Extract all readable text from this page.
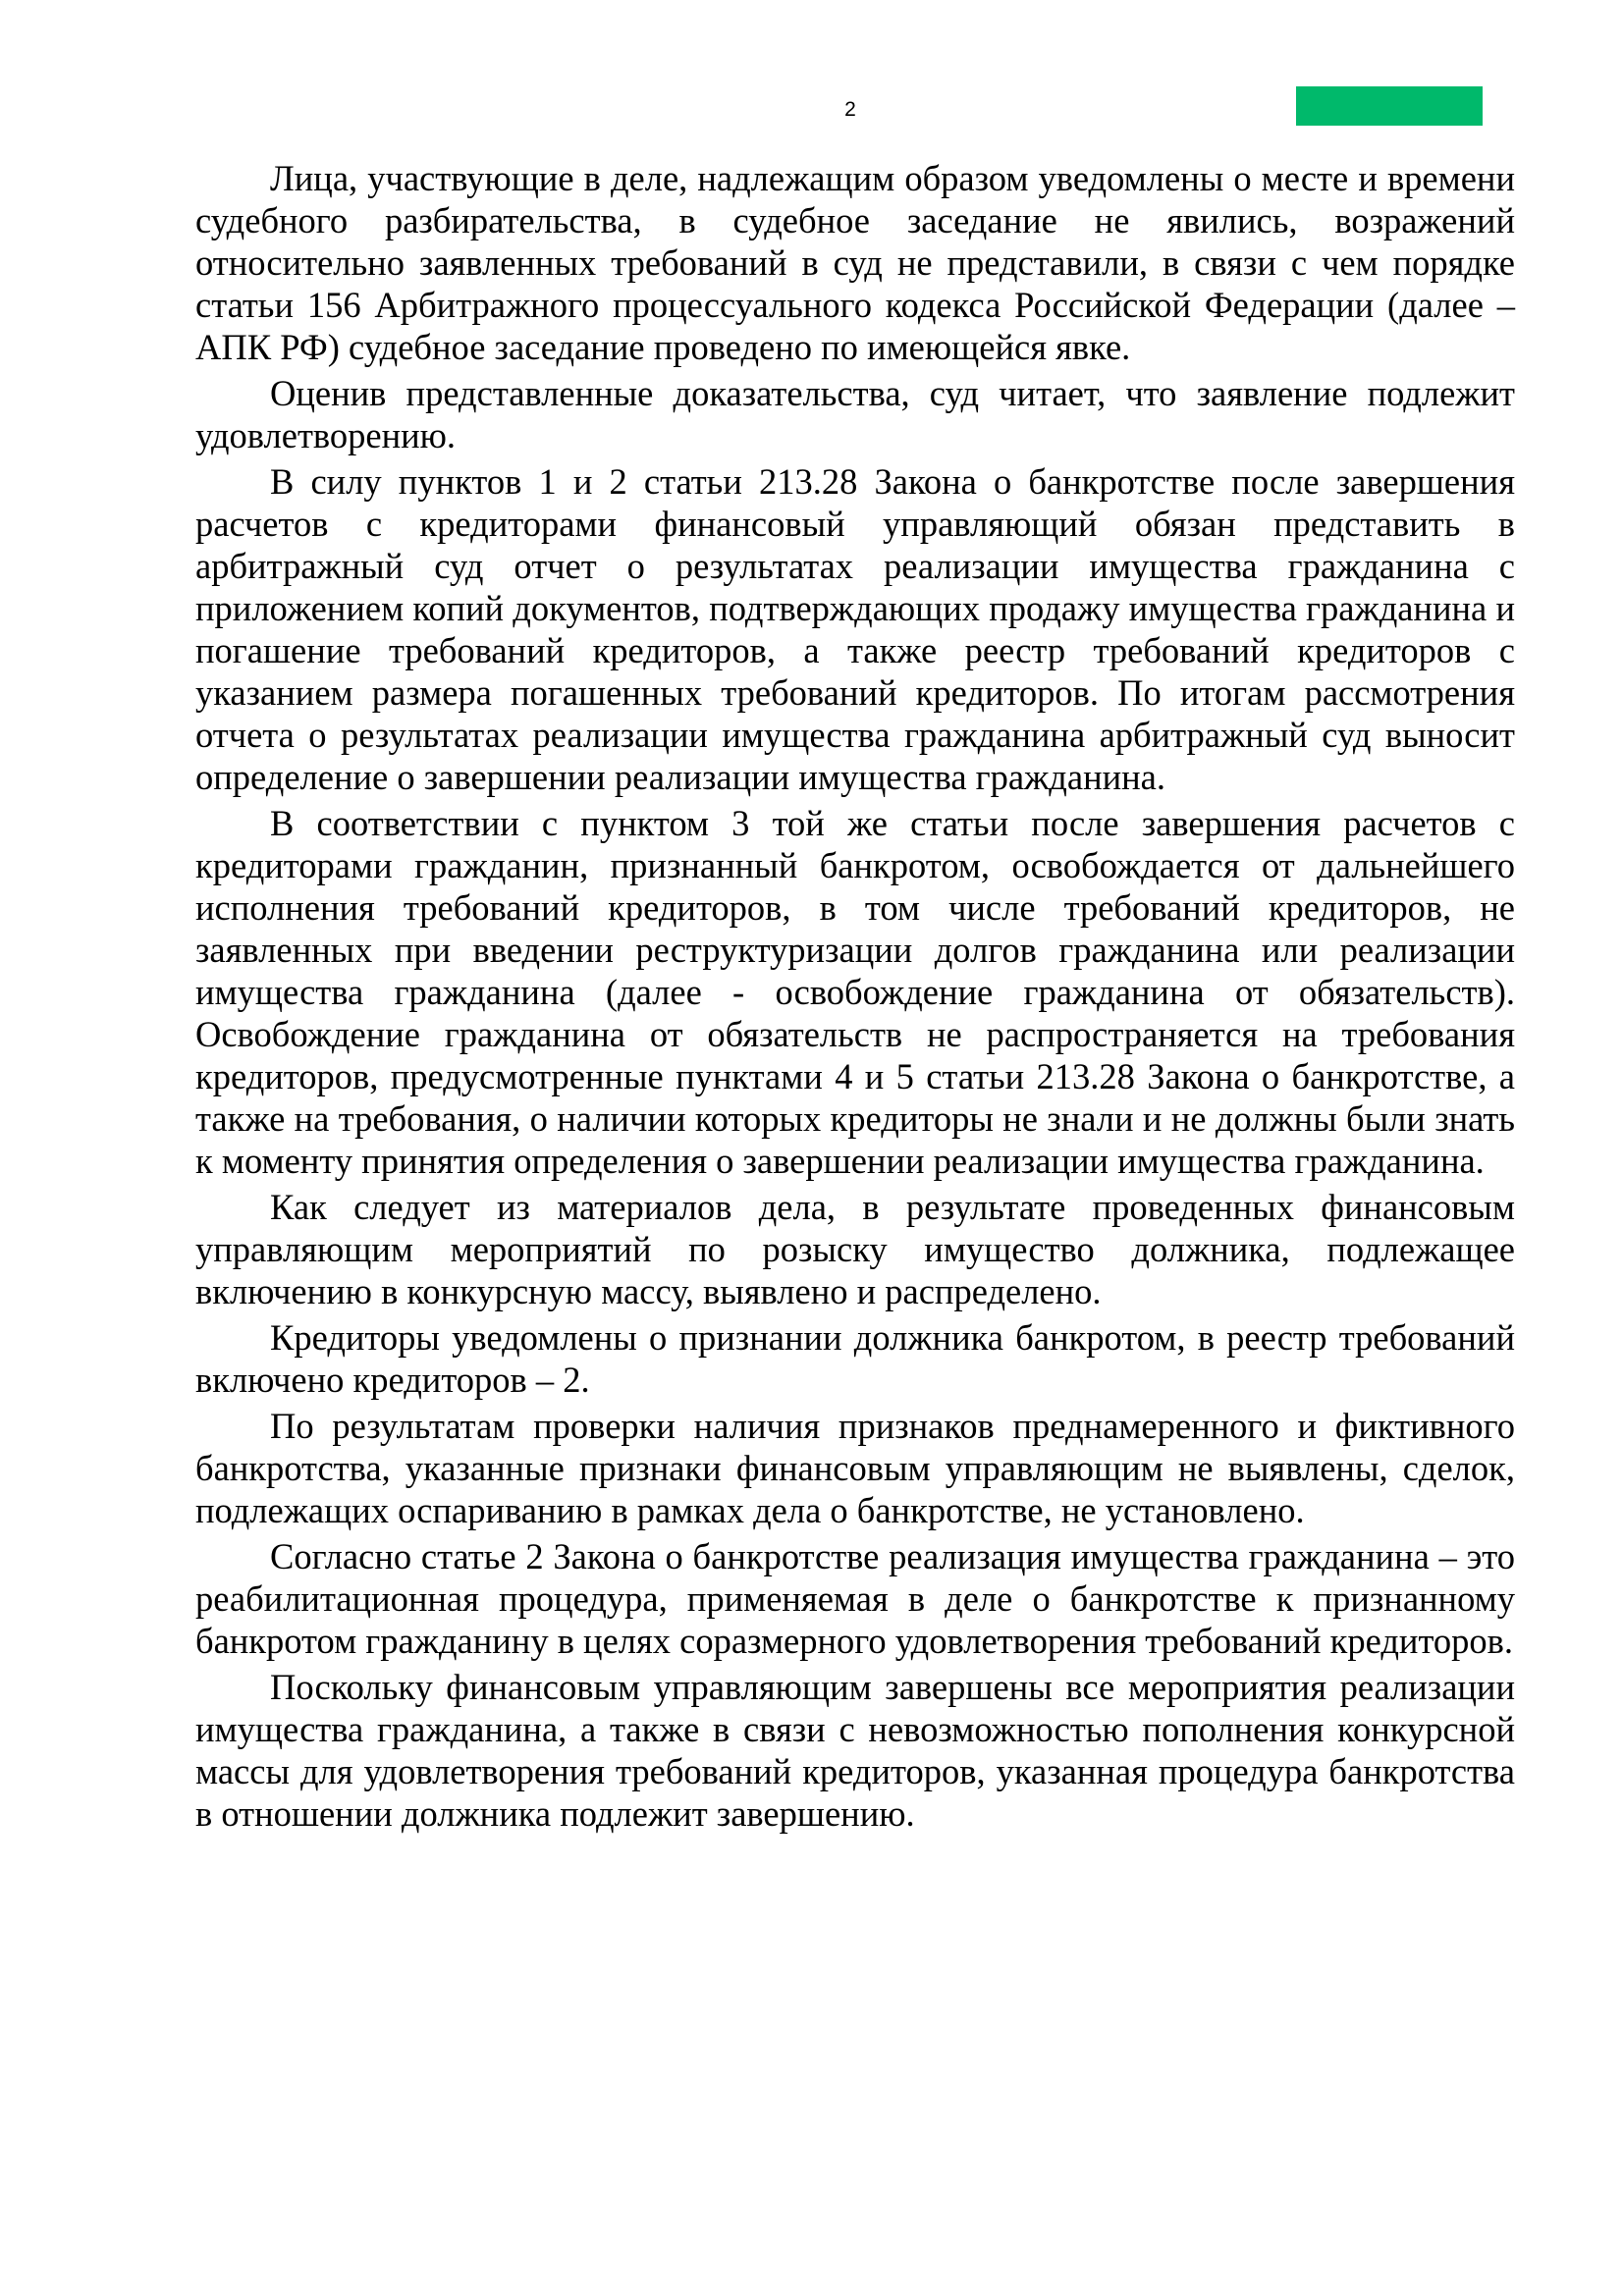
2

Лица, участвующие в деле, надлежащим образом уведомлены о месте и времени судебного разбирательства, в судебное заседание не явились, возражений относительно заявленных требований в суд не представили, в связи с чем порядке статьи 156 Арбитражного процессуального кодекса Российской Федерации (далее – АПК РФ) судебное заседание проведено по имеющейся явке.

Оценив представленные доказательства, суд читает, что заявление подлежит удовлетворению.

В силу пунктов 1 и 2 статьи 213.28 Закона о банкротстве после завершения расчетов с кредиторами финансовый управляющий обязан представить в арбитражный суд отчет о результатах реализации имущества гражданина с приложением копий документов, подтверждающих продажу имущества гражданина и погашение требований кредиторов, а также реестр требований кредиторов с указанием размера погашенных требований кредиторов. По итогам рассмотрения отчета о результатах реализации имущества гражданина арбитражный суд выносит определение о завершении реализации имущества гражданина.

В соответствии с пунктом 3 той же статьи после завершения расчетов с кредиторами гражданин, признанный банкротом, освобождается от дальнейшего исполнения требований кредиторов, в том числе требований кредиторов, не заявленных при введении реструктуризации долгов гражданина или реализации имущества гражданина (далее - освобождение гражданина от обязательств). Освобождение гражданина от обязательств не распространяется на требования кредиторов, предусмотренные пунктами 4 и 5 статьи 213.28 Закона о банкротстве, а также на требования, о наличии которых кредиторы не знали и не должны были знать к моменту принятия определения о завершении реализации имущества гражданина.

Как следует из материалов дела, в результате проведенных финансовым управляющим мероприятий по розыску имущество должника, подлежащее включению в конкурсную массу, выявлено и распределено.

Кредиторы уведомлены о признании должника банкротом, в реестр требований включено кредиторов – 2.

По результатам проверки наличия признаков преднамеренного и фиктивного банкротства, указанные признаки финансовым управляющим не выявлены, сделок, подлежащих оспариванию в рамках дела о банкротстве, не установлено.

Согласно статье 2 Закона о банкротстве реализация имущества гражданина – это реабилитационная процедура, применяемая в деле о банкротстве к признанному банкротом гражданину в целях соразмерного удовлетворения требований кредиторов.

Поскольку финансовым управляющим завершены все мероприятия реализации имущества гражданина, а также в связи с невозможностью пополнения конкурсной массы для удовлетворения требований кредиторов, указанная процедура банкротства в отношении должника подлежит завершению.
